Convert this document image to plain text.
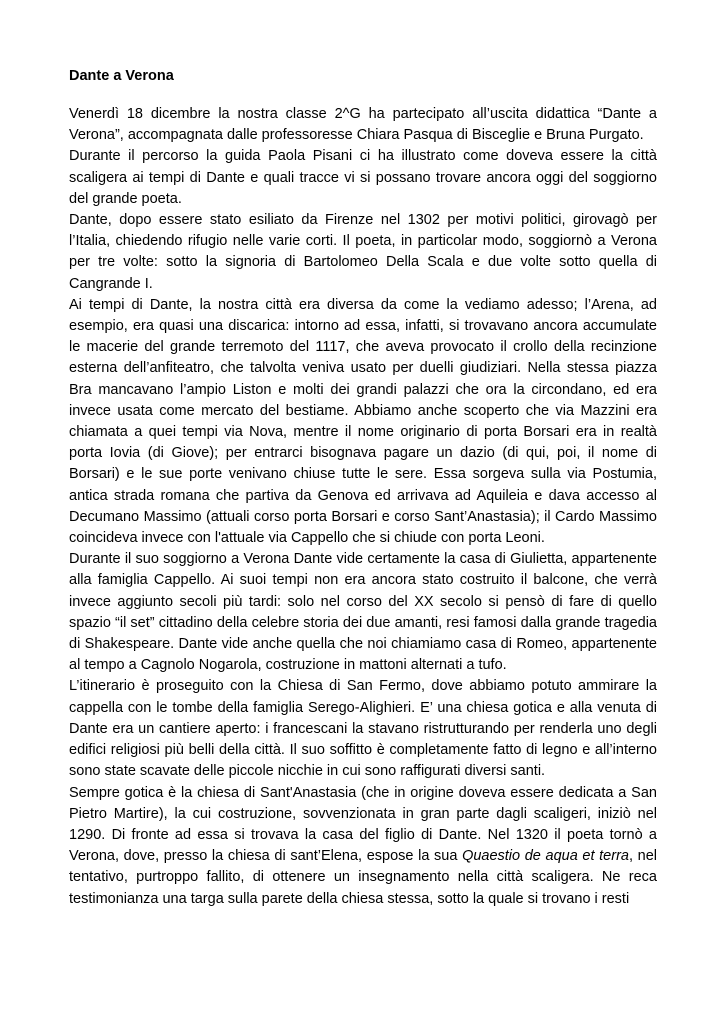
Dante a Verona

Venerdì 18 dicembre la nostra classe 2^G ha partecipato all’uscita didattica “Dante a Verona”, accompagnata dalle professoresse Chiara Pasqua di Bisceglie e Bruna Purgato.

Durante il percorso la guida Paola Pisani ci ha illustrato come doveva essere la città scaligera ai tempi di Dante e quali tracce vi si possano trovare ancora oggi del soggiorno del grande poeta.

Dante, dopo essere stato esiliato da Firenze nel 1302 per motivi politici, girovagò per l’Italia, chiedendo rifugio nelle varie corti. Il poeta, in particolar modo, soggiornò a Verona per tre volte: sotto la signoria di Bartolomeo Della Scala e due volte sotto quella di Cangrande I.

Ai tempi di Dante, la nostra città era diversa da come la vediamo adesso; l’Arena, ad esempio, era quasi una discarica: intorno ad essa, infatti, si trovavano ancora accumulate le macerie del grande terremoto del 1117, che aveva provocato il crollo della recinzione esterna dell’anfiteatro, che talvolta veniva usato per duelli giudiziari. Nella stessa piazza Bra mancavano l’ampio Liston e molti dei grandi palazzi che ora la circondano, ed era invece usata come mercato del bestiame. Abbiamo anche scoperto che via Mazzini era chiamata a quei tempi via Nova, mentre il nome originario di porta Borsari era in realtà porta Iovia (di Giove); per entrarci bisognava pagare un dazio (di qui, poi, il nome di Borsari) e le sue porte venivano chiuse tutte le sere. Essa sorgeva sulla via Postumia, antica strada romana che partiva da Genova ed arrivava ad Aquileia e dava accesso al Decumano Massimo (attuali corso porta Borsari e corso Sant’Anastasia); il Cardo Massimo coincideva invece con l'attuale via Cappello che si chiude con porta Leoni.

Durante il suo soggiorno a Verona Dante vide certamente la casa di Giulietta, appartenente alla famiglia Cappello. Ai suoi tempi non era ancora stato costruito il balcone, che verrà invece aggiunto secoli più tardi: solo nel corso del XX secolo si pensò di fare di quello spazio “il set” cittadino della celebre storia dei due amanti, resi famosi dalla grande tragedia di Shakespeare. Dante vide anche quella che noi chiamiamo casa di Romeo, appartenente al tempo a Cagnolo Nogarola, costruzione in mattoni alternati a tufo.

L’itinerario è proseguito con la Chiesa di San Fermo, dove abbiamo potuto ammirare la cappella con le tombe della famiglia Serego-Alighieri. E’ una chiesa gotica e alla venuta di Dante era un cantiere aperto: i francescani la stavano ristrutturando per renderla uno degli edifici religiosi più belli della città. Il suo soffitto è completamente fatto di legno e all’interno sono state scavate delle piccole nicchie in cui sono raffigurati diversi santi.

Sempre gotica è la chiesa di Sant'Anastasia (che in origine doveva essere dedicata a San Pietro Martire), la cui costruzione, sovvenzionata in gran parte dagli scaligeri, iniziò nel 1290. Di fronte ad essa si trovava la casa del figlio di Dante. Nel 1320 il poeta tornò a Verona, dove, presso la chiesa di sant’Elena, espose la sua Quaestio de aqua et terra, nel tentativo, purtroppo fallito, di ottenere un insegnamento nella città scaligera. Ne reca testimonianza una targa sulla parete della chiesa stessa, sotto la quale si trovano i resti
